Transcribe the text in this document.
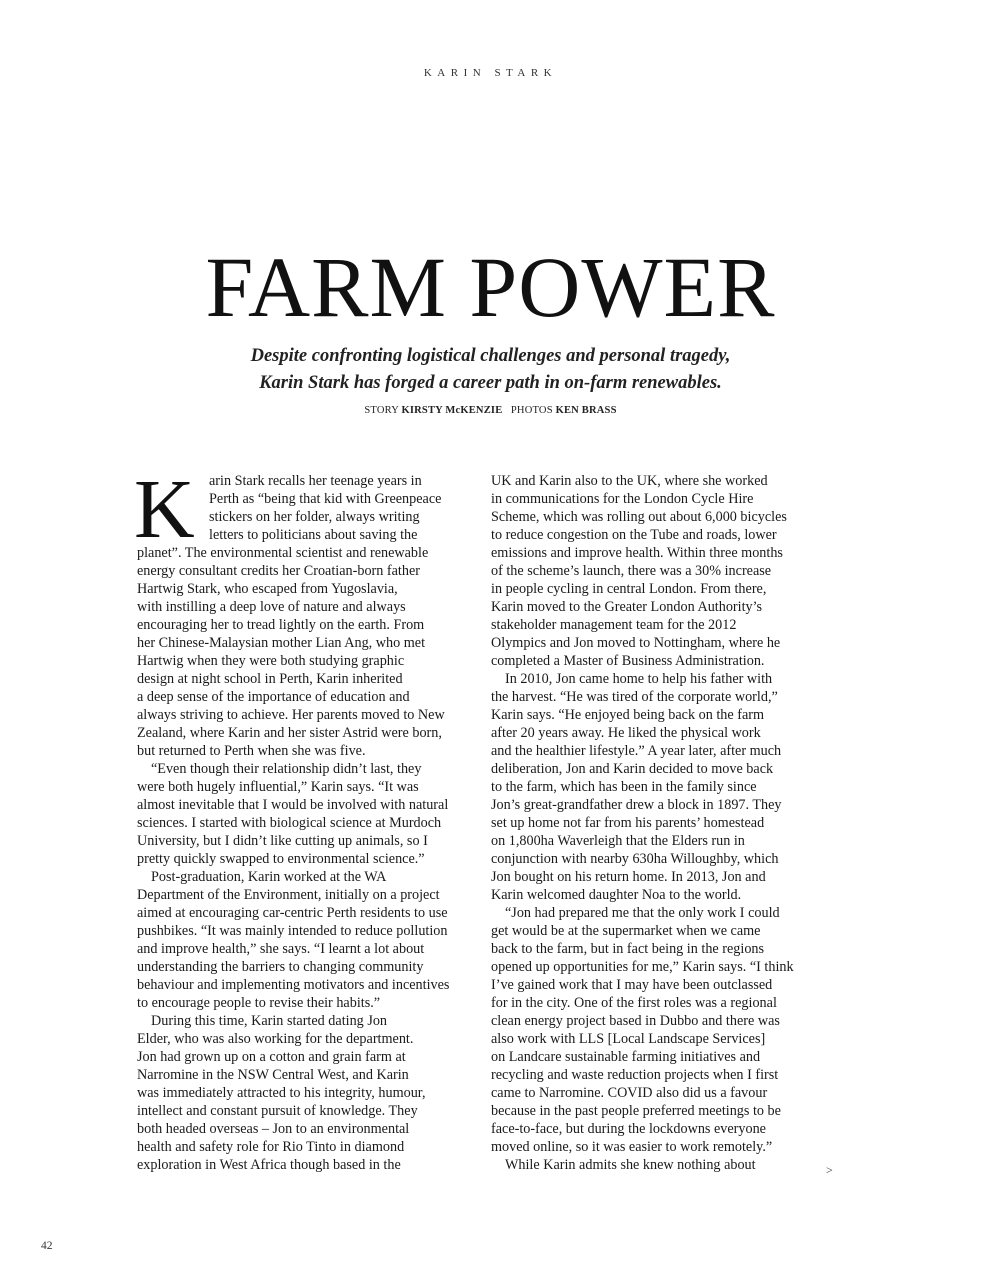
KARIN STARK
FARM POWER
Despite confronting logistical challenges and personal tragedy,
Karin Stark has forged a career path in on-farm renewables.
STORY KIRSTY McKENZIE PHOTOS KEN BRASS
K	arin Stark recalls her teenage years in
Perth as “being that kid with Greenpeace
stickers on her folder, always writing
letters to politicians about saving the
planet”. The environmental scientist and renewable
energy consultant credits her Croatian-born father
Hartwig Stark, who escaped from Yugoslavia,
with instilling a deep love of nature and always
encouraging her to tread lightly on the earth. From
her Chinese-Malaysian mother Lian Ang, who met
Hartwig when they were both studying graphic
design at night school in Perth, Karin inherited
a deep sense of the importance of education and
always striving to achieve. Her parents moved to New
Zealand, where Karin and her sister Astrid were born,
but returned to Perth when she was five.
“Even though their relationship didn’t last, they
were both hugely influential,” Karin says. “It was
almost inevitable that I would be involved with natural
sciences. I started with biological science at Murdoch
University, but I didn’t like cutting up animals, so I
pretty quickly swapped to environmental science.”
Post-graduation, Karin worked at the WA
Department of the Environment, initially on a project
aimed at encouraging car-centric Perth residents to use
pushbikes. “It was mainly intended to reduce pollution
and improve health,” she says. “I learnt a lot about
understanding the barriers to changing community
behaviour and implementing motivators and incentives
to encourage people to revise their habits.”
During this time, Karin started dating Jon
Elder, who was also working for the department.
Jon had grown up on a cotton and grain farm at
Narromine in the NSW Central West, and Karin
was immediately attracted to his integrity, humour,
intellect and constant pursuit of knowledge. They
both headed overseas – Jon to an environmental
health and safety role for Rio Tinto in diamond
exploration in West Africa though based in the
UK and Karin also to the UK, where she worked
in communications for the London Cycle Hire
Scheme, which was rolling out about 6,000 bicycles
to reduce congestion on the Tube and roads, lower
emissions and improve health. Within three months
of the scheme’s launch, there was a 30% increase
in people cycling in central London. From there,
Karin moved to the Greater London Authority’s
stakeholder management team for the 2012
Olympics and Jon moved to Nottingham, where he
completed a Master of Business Administration.
In 2010, Jon came home to help his father with
the harvest. “He was tired of the corporate world,”
Karin says. “He enjoyed being back on the farm
after 20 years away. He liked the physical work
and the healthier lifestyle.” A year later, after much
deliberation, Jon and Karin decided to move back
to the farm, which has been in the family since
Jon’s great-grandfather drew a block in 1897. They
set up home not far from his parents’ homestead
on 1,800ha Waverleigh that the Elders run in
conjunction with nearby 630ha Willoughby, which
Jon bought on his return home. In 2013, Jon and
Karin welcomed daughter Noa to the world.
“Jon had prepared me that the only work I could
get would be at the supermarket when we came
back to the farm, but in fact being in the regions
opened up opportunities for me,” Karin says. “I think
I’ve gained work that I may have been outclassed
for in the city. One of the first roles was a regional
clean energy project based in Dubbo and there was
also work with LLS [Local Landscape Services]
on Landcare sustainable farming initiatives and
recycling and waste reduction projects when I first
came to Narromine. COVID also did us a favour
because in the past people preferred meetings to be
face-to-face, but during the lockdowns everyone
moved online, so it was easier to work remotely.”
While Karin admits she knew nothing about	>
42
